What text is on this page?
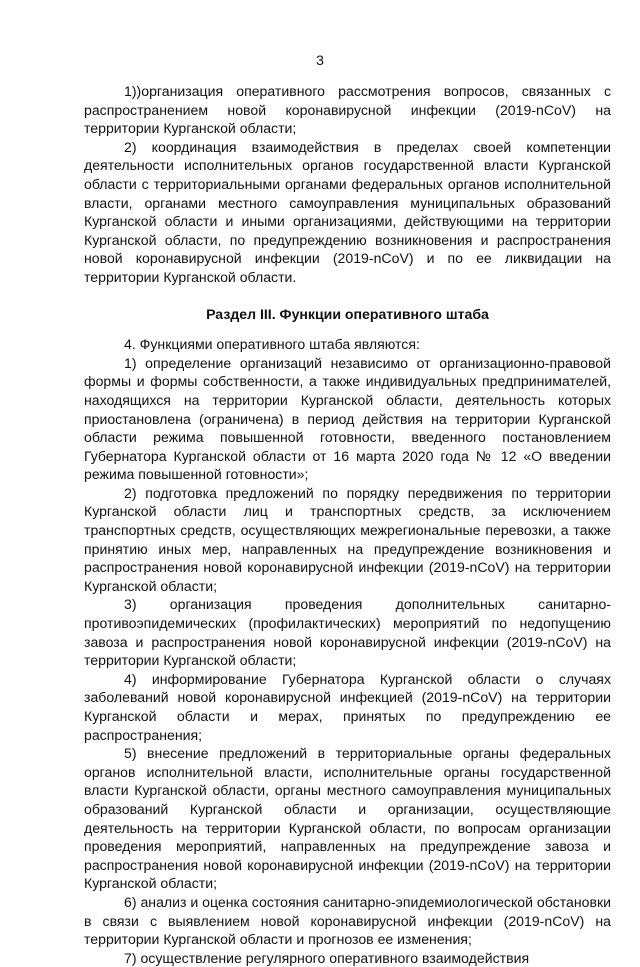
3

1))организация оперативного рассмотрения вопросов, связанных с распространением новой коронавирусной инфекции (2019-nCoV) на территории Курганской области;

2) координация взаимодействия в пределах своей компетенции деятельности исполнительных органов государственной власти Курганской области с территориальными органами федеральных органов исполнительной власти, органами местного самоуправления муниципальных образований Курганской области и иными организациями, действующими на территории Курганской области, по предупреждению возникновения и распространения новой коронавирусной инфекции (2019-nCoV) и по ее ликвидации на территории Курганской области.

Раздел III. Функции оперативного штаба

4. Функциями оперативного штаба являются:

1) определение организаций независимо от организационно-правовой формы и формы собственности, а также индивидуальных предпринимателей, находящихся на территории Курганской области, деятельность которых приостановлена (ограничена) в период действия на территории Курганской области режима повышенной готовности, введенного постановлением Губернатора Курганской области от 16 марта 2020 года № 12 «О введении режима повышенной готовности»;

2) подготовка предложений по порядку передвижения по территории Курганской области лиц и транспортных средств, за исключением транспортных средств, осуществляющих межрегиональные перевозки, а также принятию иных мер, направленных на предупреждение возникновения и распространения новой коронавирусной инфекции (2019-nCoV) на территории Курганской области;

3) организация проведения дополнительных санитарно-противоэпидемических (профилактических) мероприятий по недопущению завоза и распространения новой коронавирусной инфекции (2019-nCoV) на территории Курганской области;

4) информирование Губернатора Курганской области о случаях заболеваний новой коронавирусной инфекцией (2019-nCoV) на территории Курганской области и мерах, принятых по предупреждению ее распространения;

5) внесение предложений в территориальные органы федеральных органов исполнительной власти, исполнительные органы государственной власти Курганской области, органы местного самоуправления муниципальных образований Курганской области и организации, осуществляющие деятельность на территории Курганской области, по вопросам организации проведения мероприятий, направленных на предупреждение завоза и распространения новой коронавирусной инфекции (2019-nCoV) на территории Курганской области;

6) анализ и оценка состояния санитарно-эпидемиологической обстановки в связи с выявлением новой коронавирусной инфекции (2019-nCoV) на территории Курганской области и прогнозов ее изменения;

7) осуществление регулярного оперативного взаимодействия
